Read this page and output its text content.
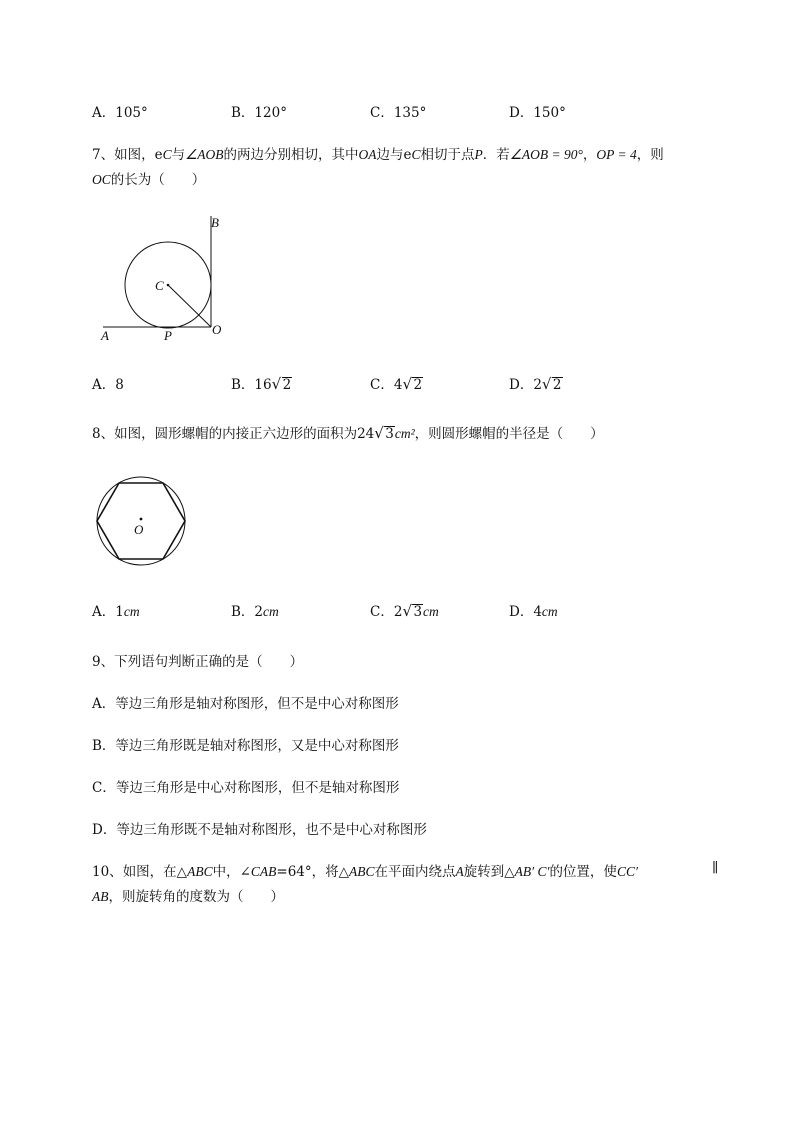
A．105°	B．120°	C．135°	D．150°
7、如图，eC与∠AOB的两边分别相切，其中OA边与eC相切于点P．若∠AOB = 90°，OP = 4，则
OC的长为（　　）
B
C
O
A	P
A．8	B．16 √ 2	C．4 √ 2	D．2 √ 2
8、如图，圆形螺帽的内接正六边形的面积为24 √ 3cm²，则圆形螺帽的半径是（　　）
O
A．1cm	B．2cm	C．2 √ 3cm	D．4cm
9、下列语句判断正确的是（　　）
A．等边三角形是轴对称图形，但不是中心对称图形
B．等边三角形既是轴对称图形，又是中心对称图形
C．等边三角形是中心对称图形，但不是轴对称图形
D．等边三角形既不是轴对称图形，也不是中心对称图形
10、如图，在△ABC中，∠CAB=64°，将△ABC在平面内绕点A旋转到△AB′ C′的位置，使CC′	∥
AB，则旋转角的度数为（　　）
